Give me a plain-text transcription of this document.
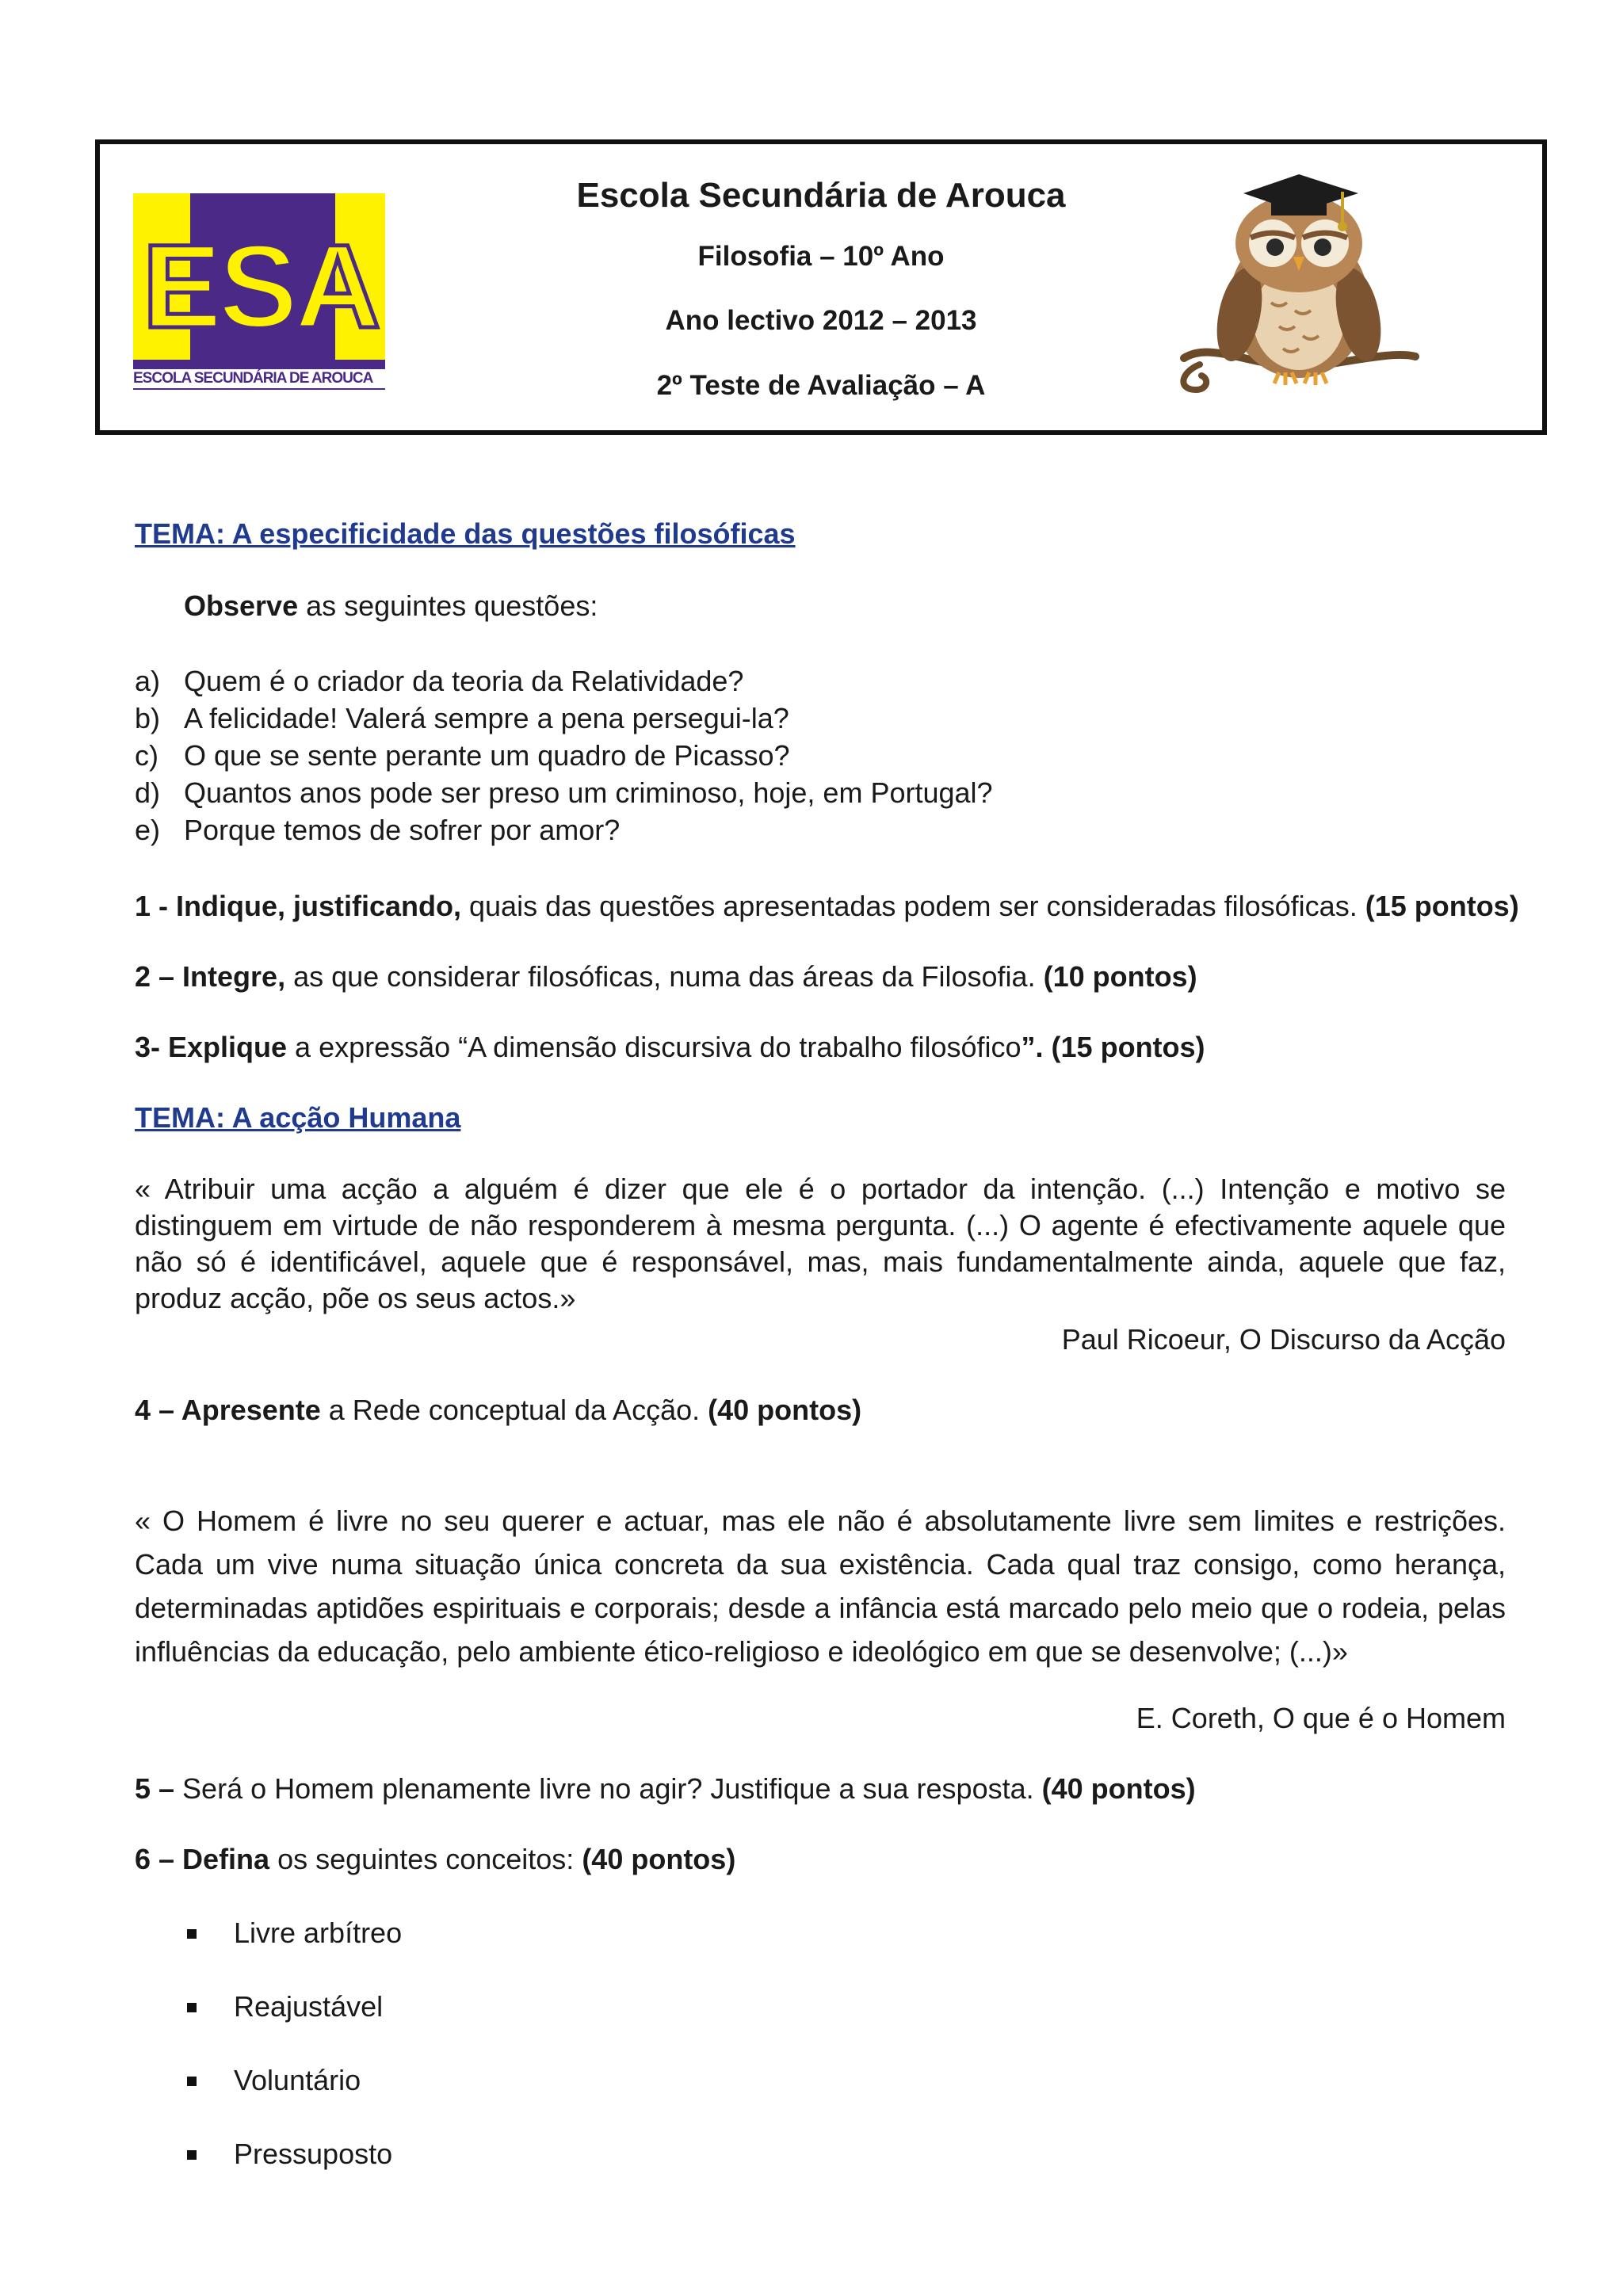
ESA
ESCOLA SECUNDÁRIA DE AROUCA
Escola Secundária de Arouca
Filosofia – 10º Ano
Ano lectivo 2012 – 2013
2º Teste de Avaliação – A
TEMA: A especificidade das questões filosóficas
Observe as seguintes questões:
a) Quem é o criador da teoria da Relatividade?
b) A felicidade! Valerá sempre a pena persegui-la?
c) O que se sente perante um quadro de Picasso?
d) Quantos anos pode ser preso um criminoso, hoje, em Portugal?
e) Porque temos de sofrer por amor?
1 - Indique, justificando, quais das questões apresentadas podem ser consideradas filosóficas. (15 pontos)
2 – Integre, as que considerar filosóficas, numa das áreas da Filosofia. (10 pontos)
3- Explique a expressão “A dimensão discursiva do trabalho filosófico”. (15 pontos)
TEMA: A acção Humana
« Atribuir uma acção a alguém é dizer que ele é o portador da intenção. (...) Intenção e motivo se distinguem em virtude de não responderem à mesma pergunta. (...) O agente é efectivamente aquele que não só é identificável, aquele que é responsável, mas, mais fundamentalmente ainda, aquele que faz, produz acção, põe os seus actos.»
Paul Ricoeur, O Discurso da Acção
4 – Apresente a Rede conceptual da Acção. (40 pontos)
« O Homem é livre no seu querer e actuar, mas ele não é absolutamente livre sem limites e restrições. Cada um vive numa situação única concreta da sua existência. Cada qual traz consigo, como herança, determinadas aptidões espirituais e corporais; desde a infância está marcado pelo meio que o rodeia, pelas influências da educação, pelo ambiente ético-religioso e ideológico em que se desenvolve; (...)»
E. Coreth, O que é o Homem
5 – Será o Homem plenamente livre no agir? Justifique a sua resposta. (40 pontos)
6 – Defina os seguintes conceitos: (40 pontos)
Livre arbítreo
Reajustável
Voluntário
Pressuposto
